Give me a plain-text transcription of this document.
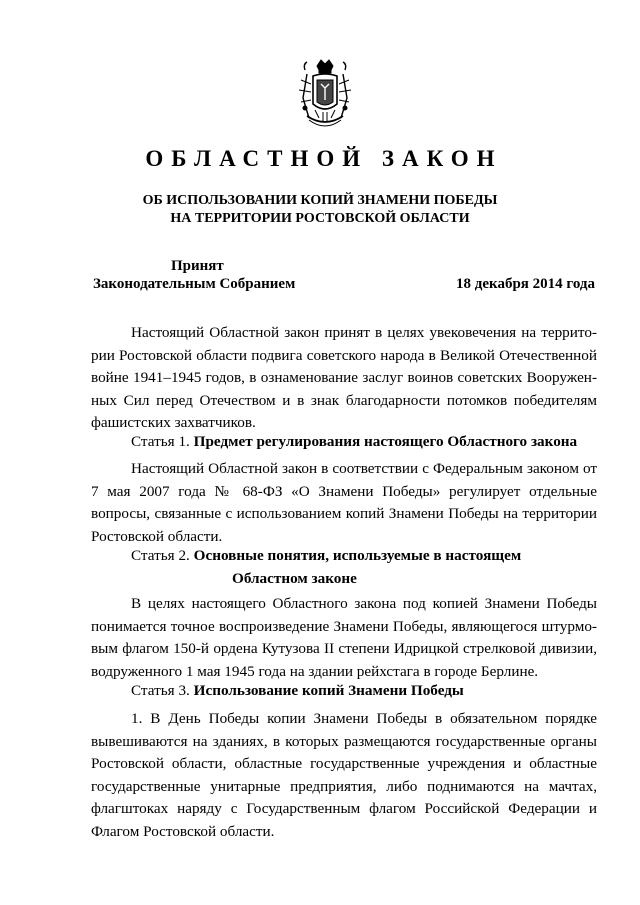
ОБЛАСТНОЙ ЗАКОН
ОБ ИСПОЛЬЗОВАНИИ КОПИЙ ЗНАМЕНИ ПОБЕДЫ
НА ТЕРРИТОРИИ РОСТОВСКОЙ ОБЛАСТИ
Принят
Законодательным Собранием	18 декабря 2014 года

Настоящий Областной закон принят в целях увековечения на террито-рии Ростовской области подвига советского народа в Великой Отечественной войне 1941–1945 годов, в ознаменование заслуг воинов советских Вооружен-ных Сил перед Отечеством и в знак благодарности потомков победителям фашистских захватчиков.

Статья 1. Предмет регулирования настоящего Областного закона

Настоящий Областной закон в соответствии с Федеральным законом от 7 мая 2007 года № 68-ФЗ «О Знамени Победы» регулирует отдельные вопросы, связанные с использованием копий Знамени Победы на территории Ростовской области.

Статья 2. Основные понятия, используемые в настоящем
Областном законе

В целях настоящего Областного закона под копией Знамени Победы понимается точное воспроизведение Знамени Победы, являющегося штурмо-вым флагом 150-й ордена Кутузова II степени Идрицкой стрелковой дивизии, водруженного 1 мая 1945 года на здании рейхстага в городе Берлине.

Статья 3. Использование копий Знамени Победы

1. В День Победы копии Знамени Победы в обязательном порядке вывешиваются на зданиях, в которых размещаются государственные органы Ростовской области, областные государственные учреждения и областные государственные унитарные предприятия, либо поднимаются на мачтах, флагштоках наряду с Государственным флагом Российской Федерации и Флагом Ростовской области.
